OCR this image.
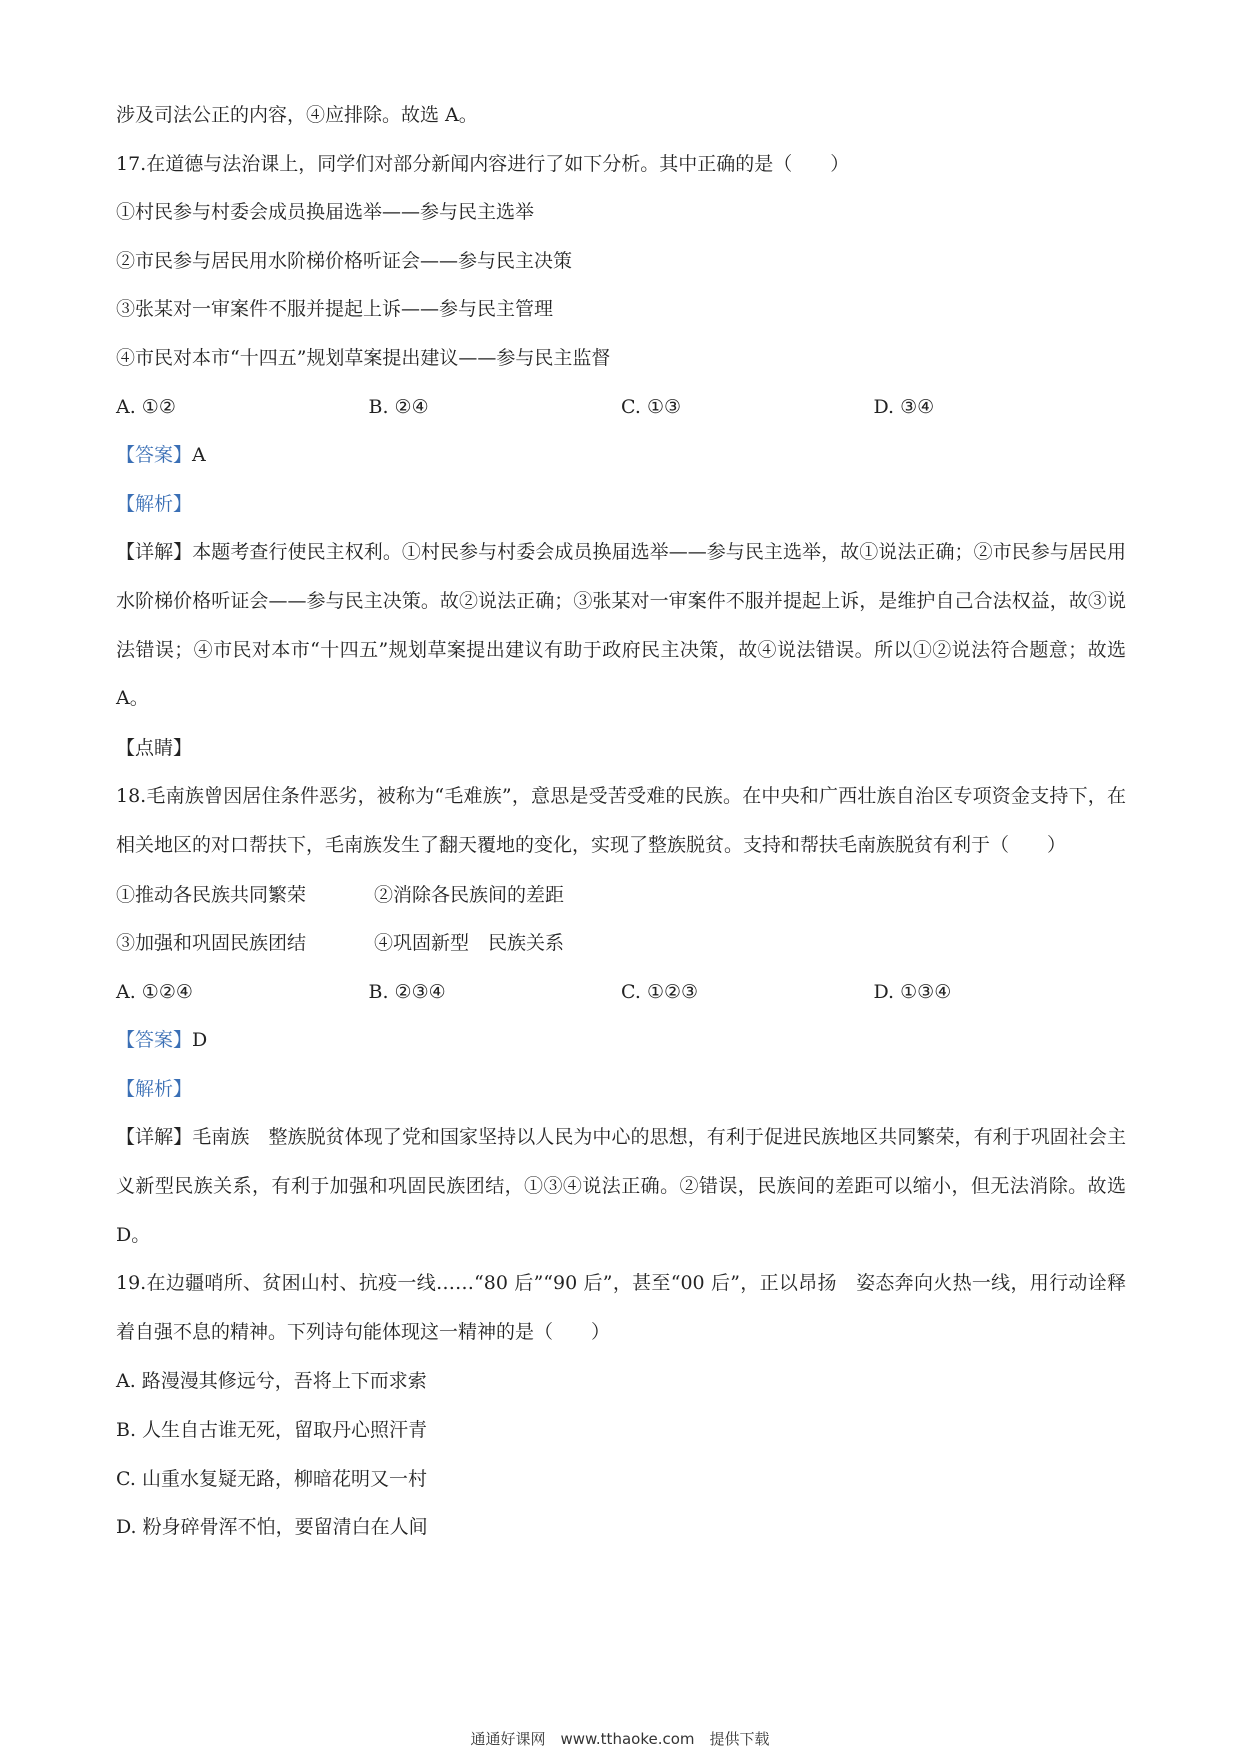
涉及司法公正的内容，④应排除。故选 A。
17.在道德与法治课上，同学们对部分新闻内容进行了如下分析。其中正确的是（　　）
①村民参与村委会成员换届选举——参与民主选举
②市民参与居民用水阶梯价格听证会——参与民主决策
③张某对一审案件不服并提起上诉——参与民主管理
④市民对本市“十四五”规划草案提出建议——参与民主监督
A. ①②	B. ②④	C. ①③	D. ③④
【答案】A
【解析】

【详解】本题考查行使民主权利。①村民参与村委会成员换届选举——参与民主选举，故①说法正确；②市民参与居民用水阶梯价格听证会——参与民主决策。故②说法正确；③张某对一审案件不服并提起上诉，是维护自己合法权益，故③说法错误；④市民对本市“十四五”规划草案提出建议有助于政府民主决策，故④说法错误。所以①②说法符合题意；故选 A。

【点睛】

18.毛南族曾因居住条件恶劣，被称为“毛难族”，意思是受苦受难的民族。在中央和广西壮族自治区专项资金支持下，在相关地区的对口帮扶下，毛南族发生了翻天覆地的变化，实现了整族脱贫。支持和帮扶毛南族脱贫有利于（　　）

①推动各民族共同繁荣	②消除各民族间的差距
③加强和巩固民族团结	④巩固新型　民族关系
A. ①②④	B. ②③④	C. ①②③	D. ①③④
【答案】D
【解析】

【详解】毛南族　整族脱贫体现了党和国家坚持以人民为中心的思想，有利于促进民族地区共同繁荣，有利于巩固社会主义新型民族关系，有利于加强和巩固民族团结，①③④说法正确。②错误，民族间的差距可以缩小，但无法消除。故选 D。

19.在边疆哨所、贫困山村、抗疫一线……“80 后”“90 后”，甚至“00 后”，正以昂扬　姿态奔向火热一线，用行动诠释着自强不息的精神。下列诗句能体现这一精神的是（　　）

A. 路漫漫其修远兮，吾将上下而求索
B. 人生自古谁无死，留取丹心照汗青
C. 山重水复疑无路，柳暗花明又一村
D. 粉身碎骨浑不怕，要留清白在人间
通通好课网　www.tthaoke.com　提供下载
